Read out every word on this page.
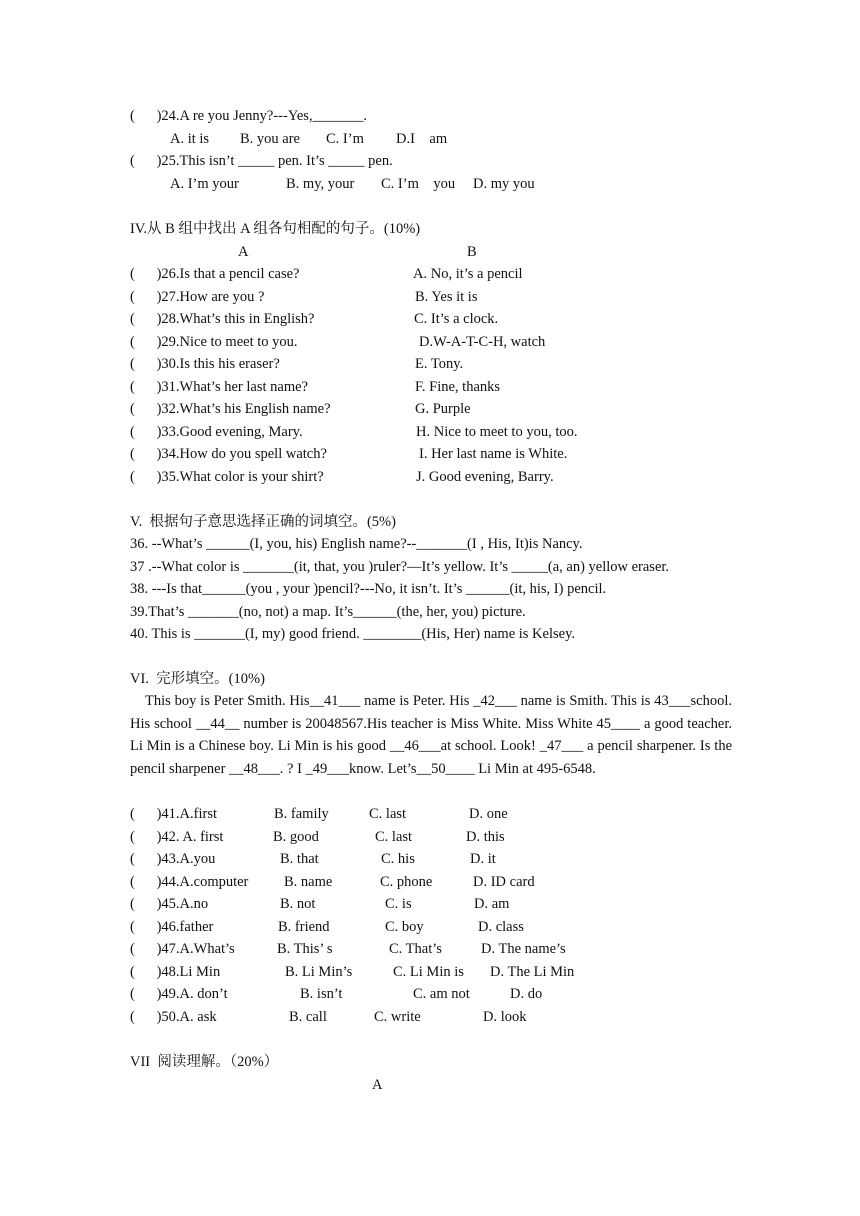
(      )24.A re you Jenny?---Yes,_______.
A. it is B. you are C. I’m D.I    am
(      )25.This isn’t _____ pen. It’s _____ pen.
A. I’m your	B. my, your C. I’m    you D. my you
IV.从 B 组中找出 A 组各句相配的句子。(10%)
A	B
(      )26.Is that a pencil case?	A. No, it’s a pencil
(      )27.How are you ?	B. Yes it is
(      )28.What’s this in English?	C. It’s a clock.
(      )29.Nice to meet to you.	D.W-A-T-C-H, watch
(      )30.Is this his eraser?	E. Tony.
(      )31.What’s her last name?	F. Fine, thanks
(      )32.What’s his English name?	G. Purple
(      )33.Good evening, Mary.	H. Nice to meet to you, too.
(      )34.How do you spell watch?	I. Her last name is White.
(      )35.What color is your shirt?	J. Good evening, Barry.
V.  根据句子意思选择正确的词填空。(5%)
36. --What’s ______(I, you, his) English name?--_______(I , His, It)is Nancy.
37 .--What color is _______(it, that, you )ruler?—It’s yellow. It’s _____(a, an) yellow eraser.
38. ---Is that______(you , your )pencil?---No, it isn’t. It’s ______(it, his, I) pencil.
39.That’s _______(no, not) a map. It’s______(the, her, you) picture.
40. This is _______(I, my) good friend. ________(His, Her) name is Kelsey.
VI.  完形填空。(10%)
This boy is Peter Smith. His__41___ name is Peter. His _42___ name is Smith. This is 43___school. His school __44__ number is 20048567.His teacher is Miss White. Miss White 45____ a good teacher. Li Min is a Chinese boy. Li Min is his good __46___at school. Look! _47___ a pencil sharpener. Is the pencil sharpener __48___. ? I _49___know. Let’s__50____ Li Min at 495-6548.
(      )41.A.first	B. family	C. last	D. one
(      )42. A. first	B. good	C. last	D. this
(      )43.A.you	B. that	C. his	D. it
(      )44.A.computer B. name	C. phone	D. ID card
(      )45.A.no	B. not	C. is	D. am
(      )46.father	B. friend	C. boy	D. class
(      )47.A.What’s	B. This’ s	C. That’s	D. The name’s
(      )48.Li Min	B. Li Min’s	C. Li Min is D. The Li Min
(      )49.A. don’t	B. isn’t	C. am not	D. do
(      )50.A. ask	B. call	C. write	D. look
VII  阅读理解。（20%）
A
